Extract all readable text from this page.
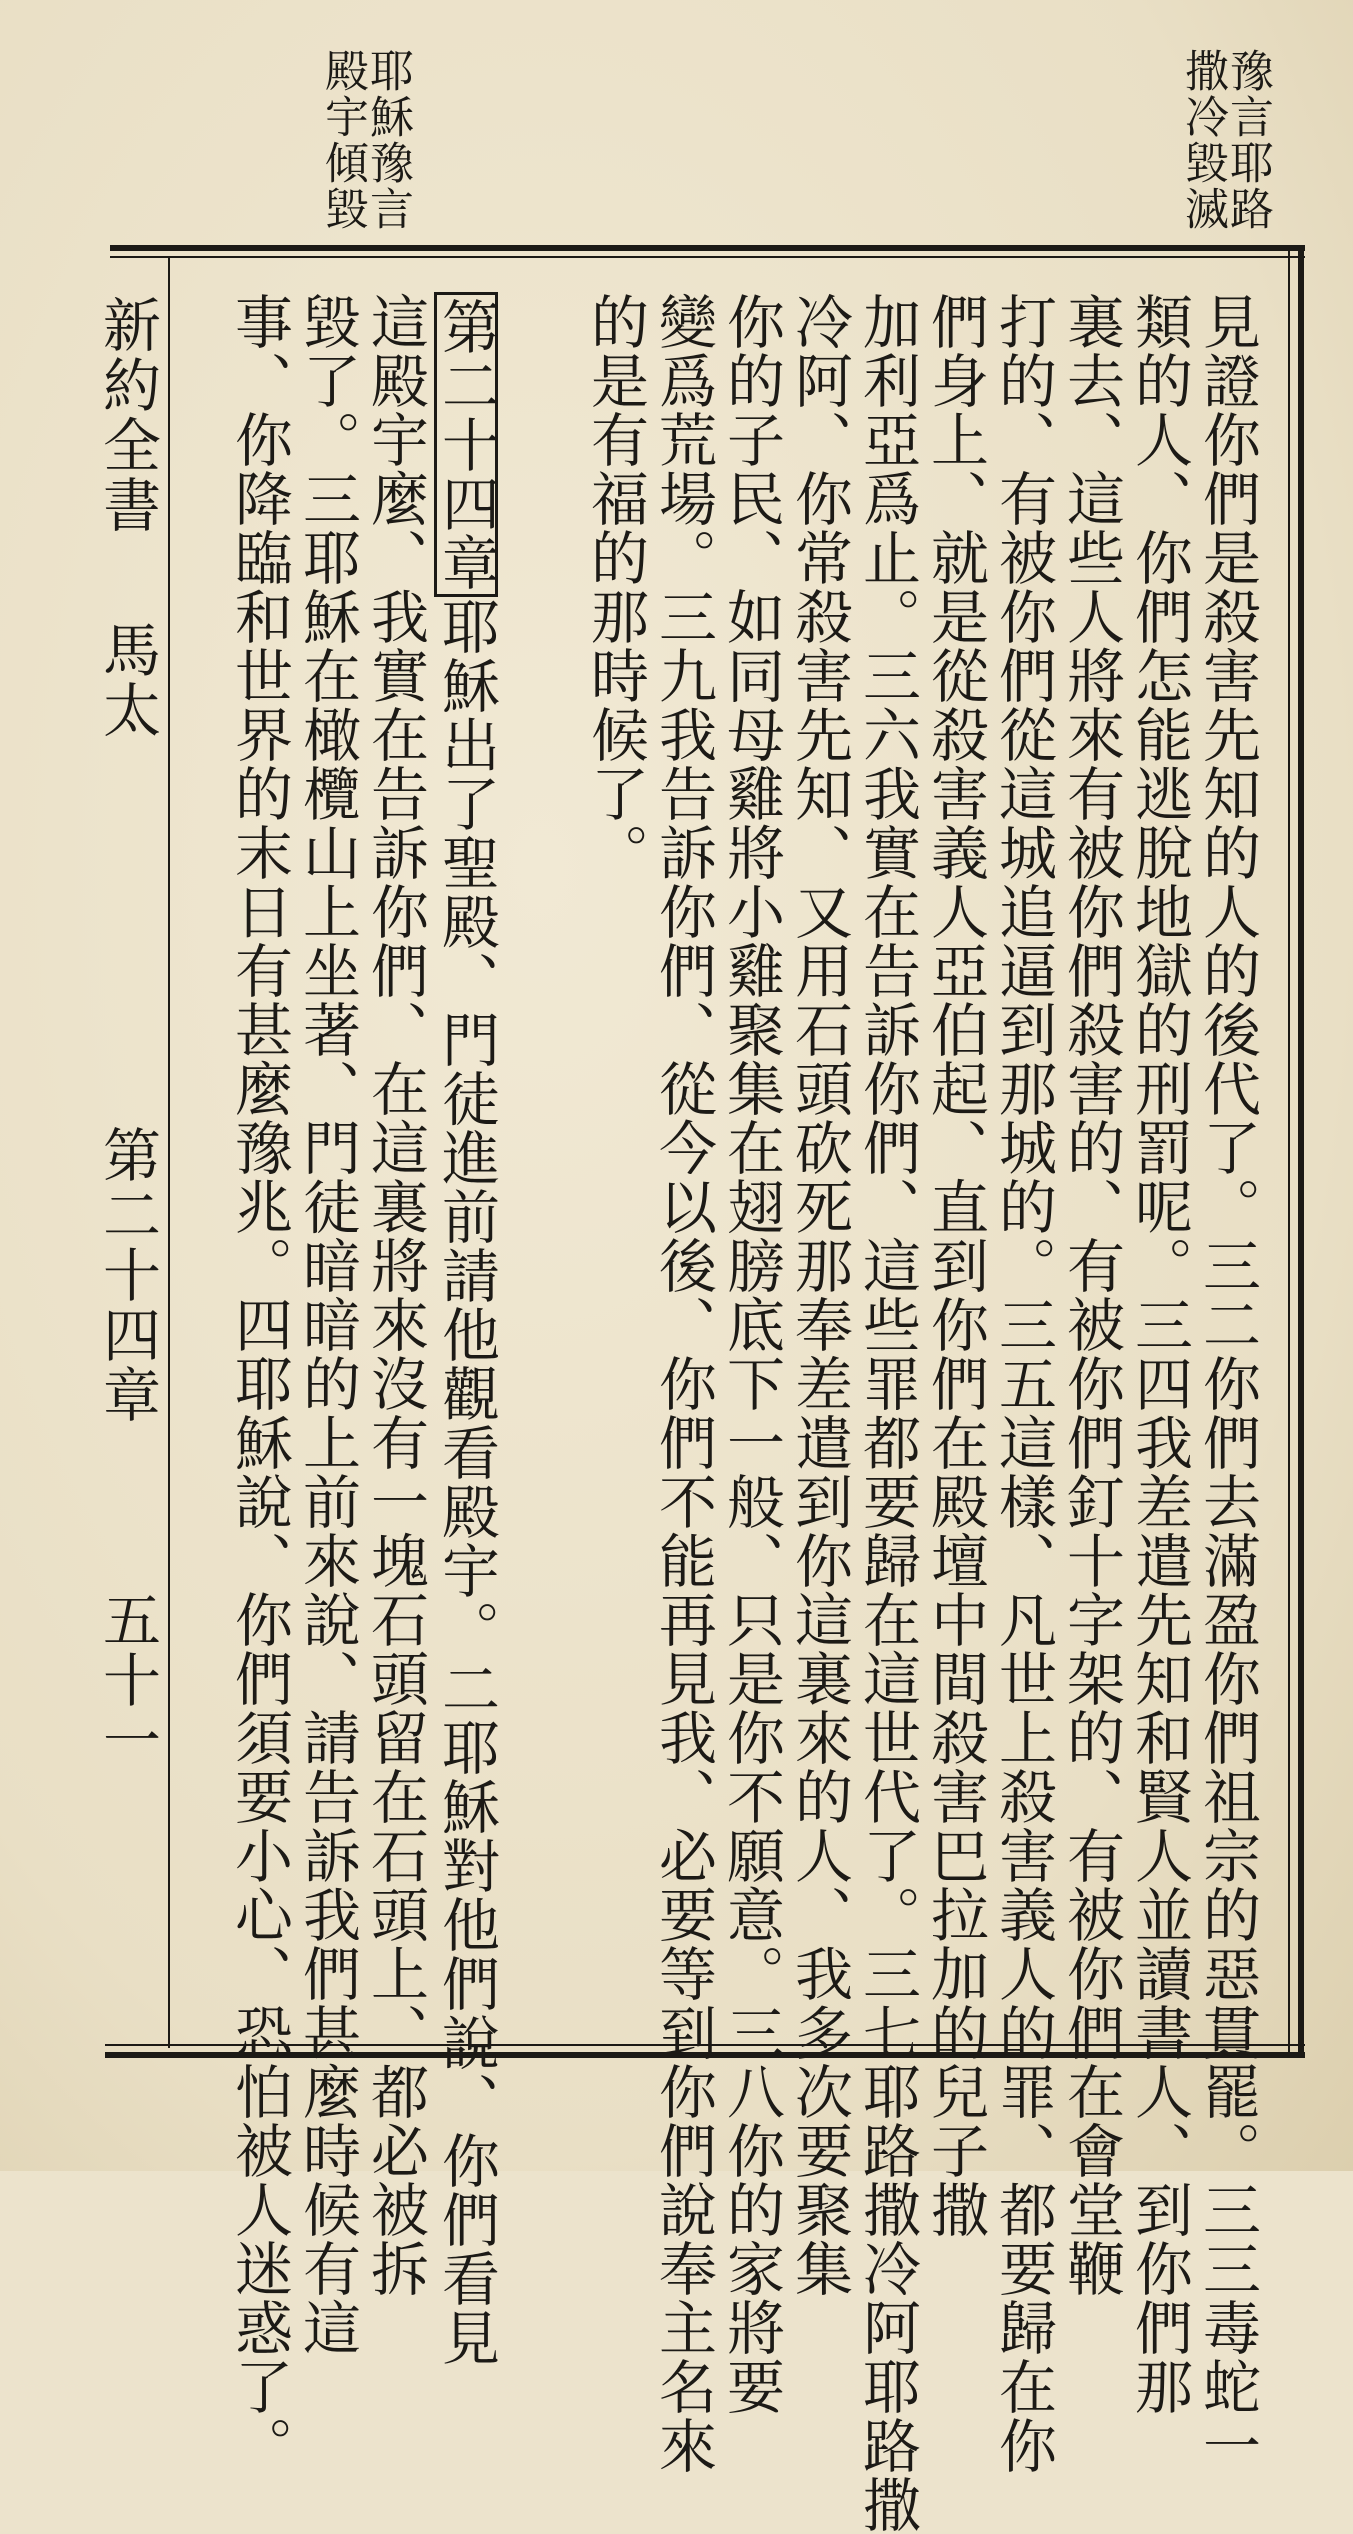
豫言耶路
撒冷毀滅
耶穌豫言
殿宇傾毀
見證你們是殺害先知的人的後代了。三二你們去滿盈你們祖宗的惡貫罷。三三毒蛇一
類的人、你們怎能逃脫地獄的刑罰呢。三四我差遣先知和賢人並讀書人、到你們那
裏去、這些人將來有被你們殺害的、有被你們釘十字架的、有被你們在會堂鞭
打的、有被你們從這城追逼到那城的。三五這樣、凡世上殺害義人的罪、都要歸在你
們身上、就是從殺害義人亞伯起、直到你們在殿壇中間殺害巴拉加的兒子撒
加利亞爲止。三六我實在告訴你們、這些罪都要歸在這世代了。三七耶路撒冷阿耶路撒
冷阿、你常殺害先知、又用石頭砍死那奉差遣到你這裏來的人、我多次要聚集
你的子民、如同母雞將小雞聚集在翅膀底下一般、只是你不願意。三八你的家將要
變爲荒場。三九我告訴你們、從今以後、你們不能再見我、必要等到你們說奉主名來
的是有福的那時候了。
第二十四章耶穌出了聖殿、門徒進前請他觀看殿宇。二耶穌對他們說、你們看見
這殿宇麼、我實在告訴你們、在這裏將來沒有一塊石頭留在石頭上、都必被拆
毀了。三耶穌在橄欖山上坐著、門徒暗暗的上前來說、請告訴我們甚麼時候有這
事、你降臨和世界的末日有甚麼豫兆。四耶穌說、你們須要小心、恐怕被人迷惑了。
新約全書
馬太
第二十四章
五十一
